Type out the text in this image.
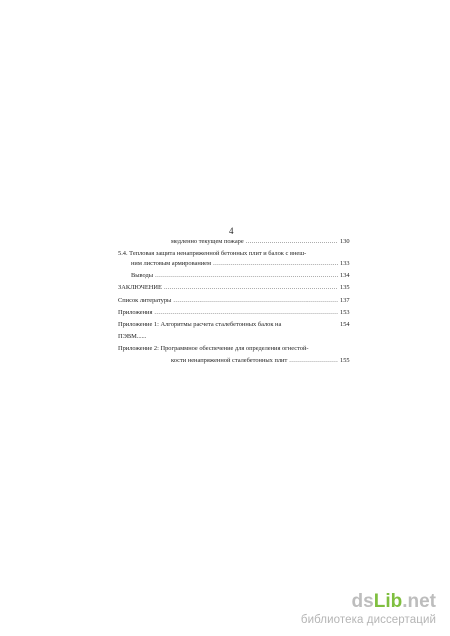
4
медленно текущем пожаре .....	130
5.4. Тепловая защита ненапряженной бетонных плит и балок с внеш-
ним листовым армированием .....	133
Выводы .....	134
ЗАКЛЮЧЕНИЕ .....	135
Список литературы .....	137
Приложения .....	153
Приложение 1: Алгоритмы расчета сталебетонных балок на	154
ПЭВМ......
Приложение 2: Программное обеспечение для определения огнестой-
кости ненапряженной сталебетонных плит .....	155
dsLib.net
библиотека диссертаций
